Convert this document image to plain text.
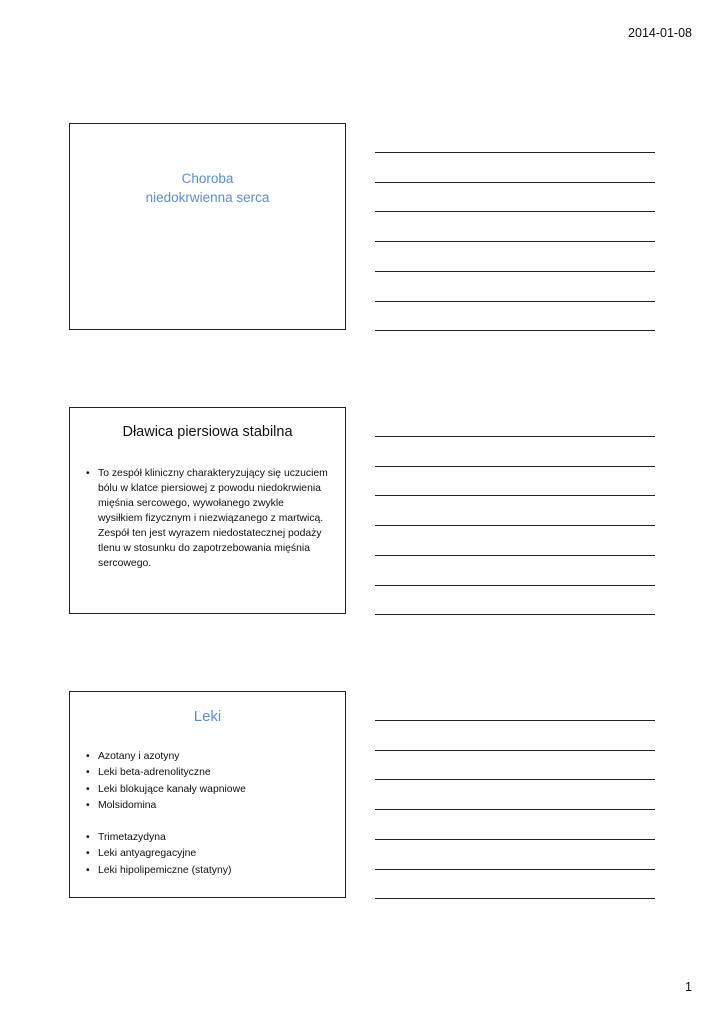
2014-01-08
Choroba
niedokrwienna serca
Dławica piersiowa stabilna
• To zespół kliniczny charakteryzujący się uczuciem bólu w klatce piersiowej z powodu niedokrwienia mięśnia sercowego, wywołanego zwykle wysiłkiem fizycznym i niezwiązanego z martwicą. Zespół ten jest wyrazem niedostatecznej podaży tlenu w stosunku do zapotrzebowania mięśnia sercowego.
Leki
• Azotany i azotyny
• Leki beta-adrenolityczne
• Leki blokujące kanały wapniowe
• Molsidomina
• Trimetazydyna
• Leki antyagregacyjne
• Leki hipolipemiczne (statyny)
1
